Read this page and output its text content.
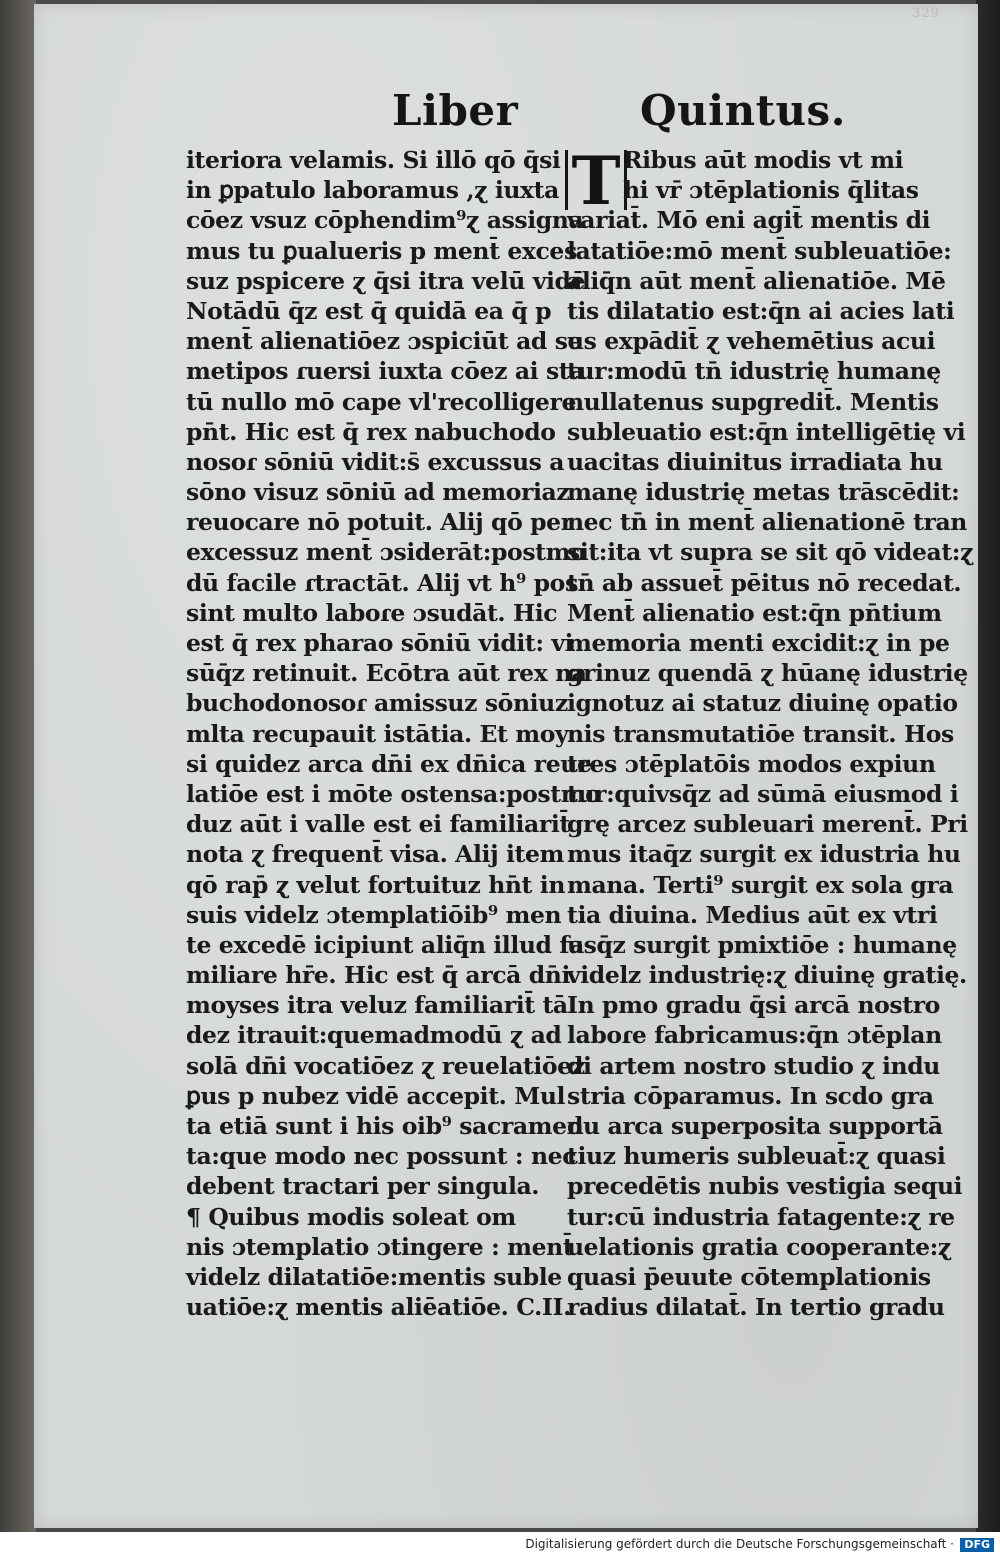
329
Liber	Quintus.
iteriora velamis. Si illō qō q̄si
in ꝑpatulo laboramus ,ɀ iuxta
cōez vsuz cōphendim⁹ɀ assigna
mus tu ꝑualueris p ment̄ exces
suz pspicere ɀ q̄si itra velū vidē
Notādū q̄z est q̄ quidā ea q̄ p
ment̄ alienatiōez ɔspiciūt ad se
metipos ɾuersi iuxta cōez ai sta
tū nullo mō cape vl'recolligere
pn̄t. Hic est q̄ rex nabuchodo
nosoɾ sōniū vidit:s̄ excussus a
sōno visuz sōniū ad memoriaz
reuocare nō potuit. Alij qō per
excessuz ment̄ ɔsiderāt:postmo
dū facile ɾtractāt. Alij vt h⁹ pos
sint multo laboɾe ɔsudāt. Hic
est q̄ rex pharao sōniū vidit: vi
sūq̄z retinuit. Ecōtra aūt rex na
buchodonosoɾ amissuz sōniuz
mlta recupauit istātia. Et moy
si quidez arca dn̄i ex dn̄ica reue
latiōe est i mōte ostensa:postmo
duz aūt i valle est ei familiarit̄
nota ɀ frequent̄ visa. Alij item
qō rap̄ ɀ velut fortuituz hn̄t in
suis videlz ɔtemplatiōib⁹ men
te excedē icipiunt aliq̄n illud fa
miliare hr̄e. Hic est q̄ arcā dn̄i
moyses itra veluz familiarit̄ tā
dez itrauit:quemadmodū ɀ ad
solā dn̄i vocatiōez ɀ reuelatiōez
ꝑus p nubez vidē accepit. Mul
ta etiā sunt i his oib⁹ sacramen
ta:que modo nec possunt : nec
debent tractari per singula.
¶ Quibus modis soleat om
nis ɔtemplatio ɔtingere : ment̄
videlz dilatatiōe:mentis suble
uatiōe:ɀ mentis aliēatiōe. C.II.
T Ribus aūt modis vt mi
hi vr̄ ɔtēplationis q̄litas
variat̄. Mō eni agit̄ mentis di
latatiōe:mō ment̄ subleuatiōe:
aliq̄n aūt ment̄ alienatiōe. Mē
tis dilatatio est:q̄n ai acies lati
us expādit̄ ɀ vehemētius acui
tur:modū tn̄ idustrię humanę
nullatenus supgredit̄. Mentis
subleuatio est:q̄n intelligētię vi
uacitas diuinitus irradiata hu
manę idustrię metas trāscēdit:
nec tn̄ in ment̄ alienationē tran
sit:ita vt supra se sit qō videat:ɀ
tn̄ ab assuet̄ pēitus nō recedat.
Ment̄ alienatio est:q̄n pn̄tium
memoria menti excidit:ɀ in pe
grinuz quendā ɀ hūanę idustrię
ignotuz ai statuz diuinę opatio
nis transmutatiōe transit. Hos
tres ɔtēplatōis modos expiun
tur:quivsq̄z ad sūmā eiusmod i
grę arcez subleuari merent̄. Pri
mus itaq̄z surgit ex idustria hu
mana. Terti⁹ surgit ex sola gra
tia diuina. Medius aūt ex vtri
usq̄z surgit pmixtiōe : humanę
videlz industrię:ɀ diuinę gratię.
In pmo gradu q̄si arcā nostro
laboɾe fabricamus:q̄n ɔtēplan
di artem nostro studio ɀ indu
stria cōparamus. In scdo gra
du arca superposita supportā
tiuz humeris subleuat̄:ɀ quasi
precedētis nubis vestigia sequi
tur:cū industria fatagente:ɀ re
uelationis gratia cooperante:ɀ
quasi p̄euute cōtemplationis
radius dilatat̄. In tertio gradu
Digitalisierung gefördert durch die Deutsche Forschungsgemeinschaft · DFG
